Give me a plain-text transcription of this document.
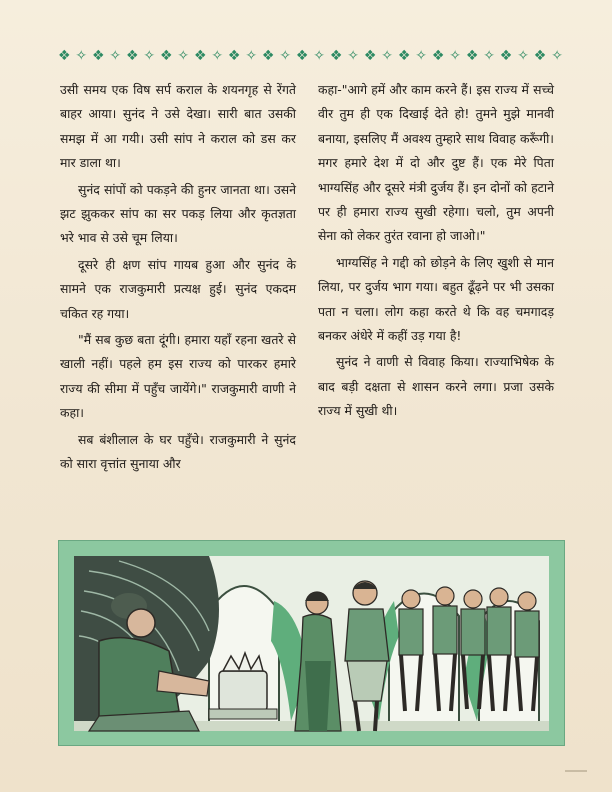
❖ ✧ ❖ ✧ ❖ ✧ ❖ ✧ ❖ ✧ ❖ ✧ ❖ ✧ ❖ ✧ ❖ ✧ ❖ ✧ ❖ ✧ ❖ ✧ ❖ ✧ ❖ ✧ ❖ ✧

उसी समय एक विष सर्प कराल के शयनगृह से रेंगते बाहर आया। सुनंद ने उसे देखा। सारी बात उसकी समझ में आ गयी। उसी सांप ने कराल को डस कर मार डाला था।

सुनंद सांपों को पकड़ने की हुनर जानता था। उसने झट झुककर सांप का सर पकड़ लिया और कृतज्ञता भरे भाव से उसे चूम लिया।

दूसरे ही क्षण सांप गायब हुआ और सुनंद के सामने एक राजकुमारी प्रत्यक्ष हुई। सुनंद एकदम चकित रह गया।

"मैं सब कुछ बता दूंगी। हमारा यहाँ रहना खतरे से खाली नहीं। पहले हम इस राज्य को पारकर हमारे राज्य की सीमा में पहुँच जायेंगे।" राजकुमारी वाणी ने कहा।

सब बंशीलाल के घर पहुँचे। राजकुमारी ने सुनंद को सारा वृत्तांत सुनाया और

कहा-"आगे हमें और काम करने हैं। इस राज्य में सच्चे वीर तुम ही एक दिखाई देते हो! तुमने मुझे मानवी बनाया, इसलिए मैं अवश्य तुम्हारे साथ विवाह करूँगी। मगर हमारे देश में दो और दुष्ट हैं। एक मेरे पिता भाग्यसिंह और दूसरे मंत्री दुर्जय हैं। इन दोनों को हटाने पर ही हमारा राज्य सुखी रहेगा। चलो, तुम अपनी सेना को लेकर तुरंत रवाना हो जाओ।"

भाग्यसिंह ने गद्दी को छोड़ने के लिए खुशी से मान लिया, पर दुर्जय भाग गया। बहुत ढूँढ़ने पर भी उसका पता न चला। लोग कहा करते थे कि वह चमगादड़ बनकर अंधेरे में कहीं उड़ गया है!

सुनंद ने वाणी से विवाह किया। राज्याभिषेक के बाद बड़ी दक्षता से शासन करने लगा। प्रजा उसके राज्य में सुखी थी।
